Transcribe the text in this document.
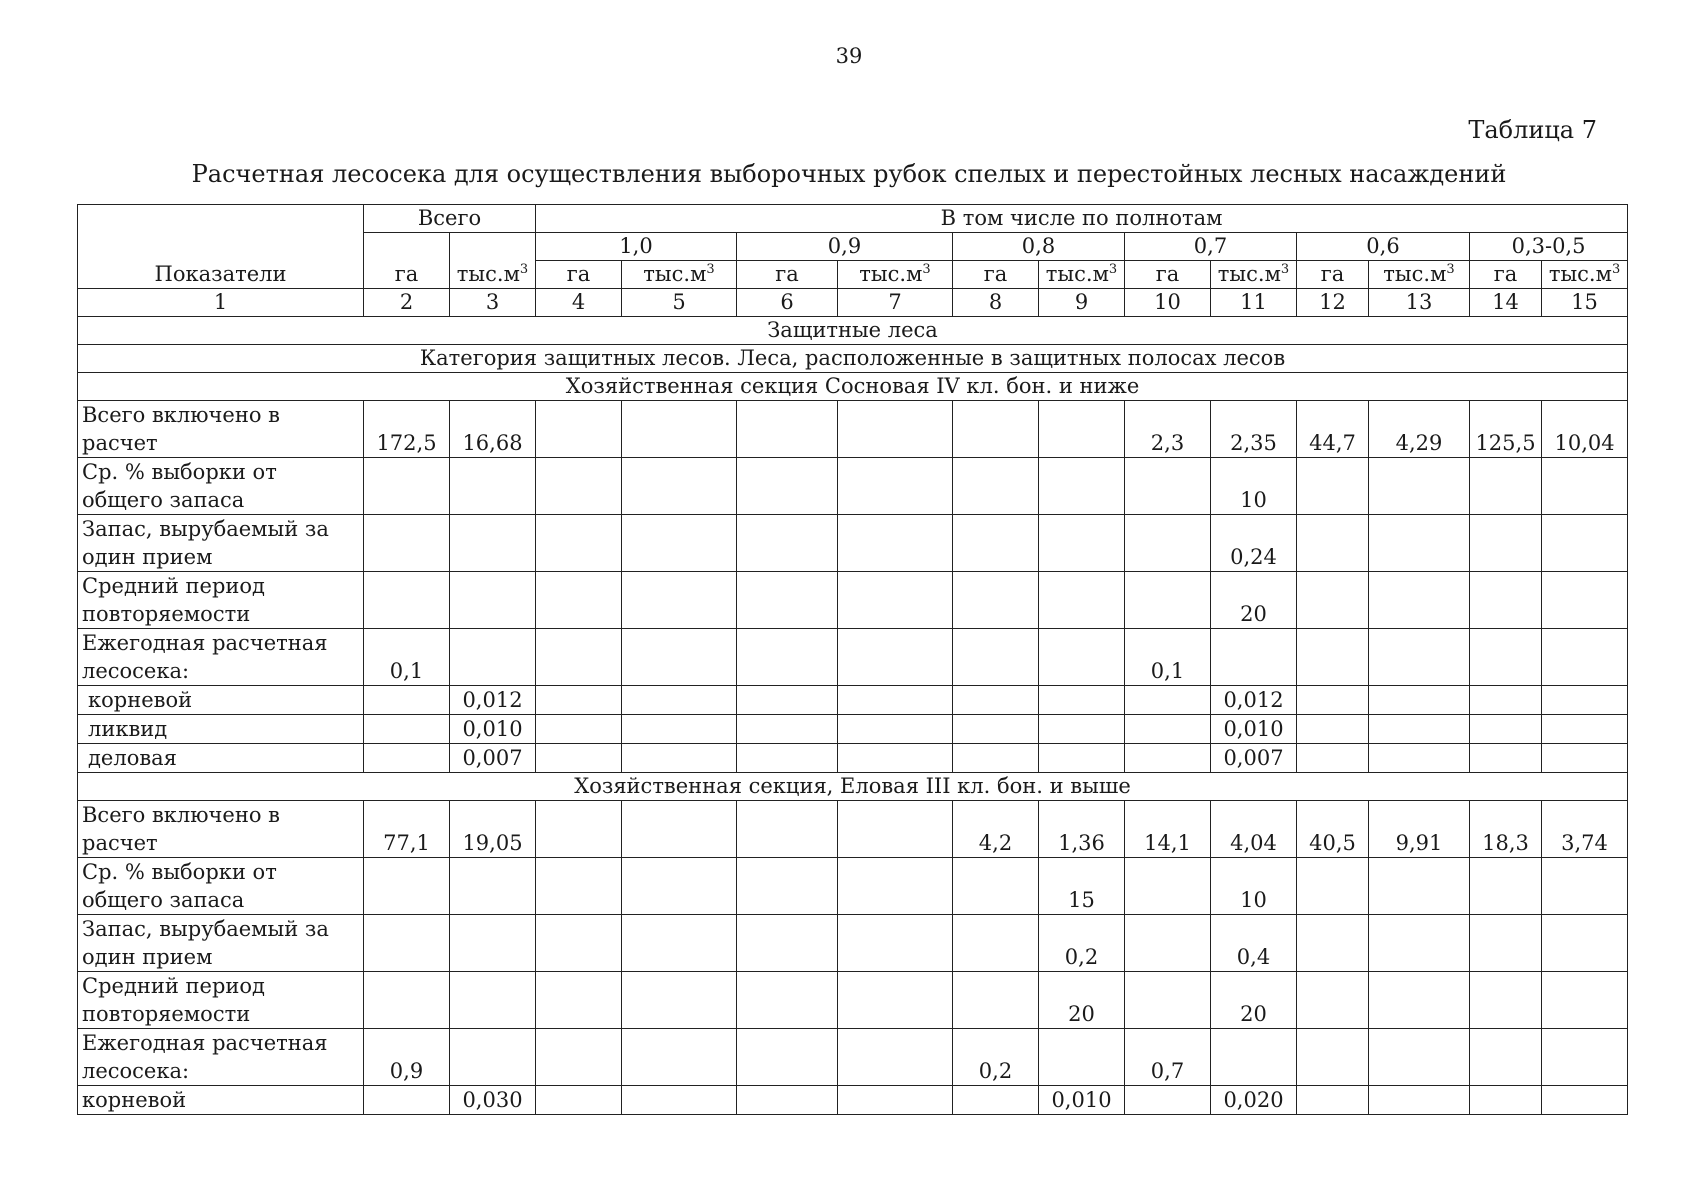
39
Таблица 7
Расчетная лесосека для осуществления выборочных рубок спелых и перестойных лесных насаждений
Показатели	Всего		В том числе по полнотам											
	га	$тыс.м^3$	1,0		0,9		0,8		0,7		0,6		0,3-0,5	
			га	$тыс.м^3$	га	$тыс.м^3$	га	$тыс.м^3$	га	$тыс.м^3$	га	$тыс.м^3$	га	$тыс.м^3$
1	2	3	4	5	6	7	8	9	10	11	12	13	14	15
Защитные леса														
Категория защитных лесов. Леса, расположенные в защитных полосах лесов														
Хозяйственная секция Сосновая IV кл. бон. и ниже														
Всего включено в расчет	172,5	16,68							2,3	2,35	44,7	4,29	125,5	10,04
Ср. % выборки от общего запаса										10				
Запас, вырубаемый за один прием										0,24				
Средний период повторяемости										20				
Ежегодная расчетная лесосека:	0,1								0,1					
корневой		0,012								0,012				
ликвид		0,010								0,010				
деловая		0,007								0,007				
Хозяйственная секция, Еловая III кл. бон. и выше														
Всего включено в расчет	77,1	19,05					4,2	1,36	14,1	4,04	40,5	9,91	18,3	3,74
Ср. % выборки от общего запаса								15		10				
Запас, вырубаемый за один прием								0,2		0,4				
Средний период повторяемости								20		20				
Ежегодная расчетная лесосека:	0,9						0,2		0,7					
корневой		0,030						0,010		0,020				
